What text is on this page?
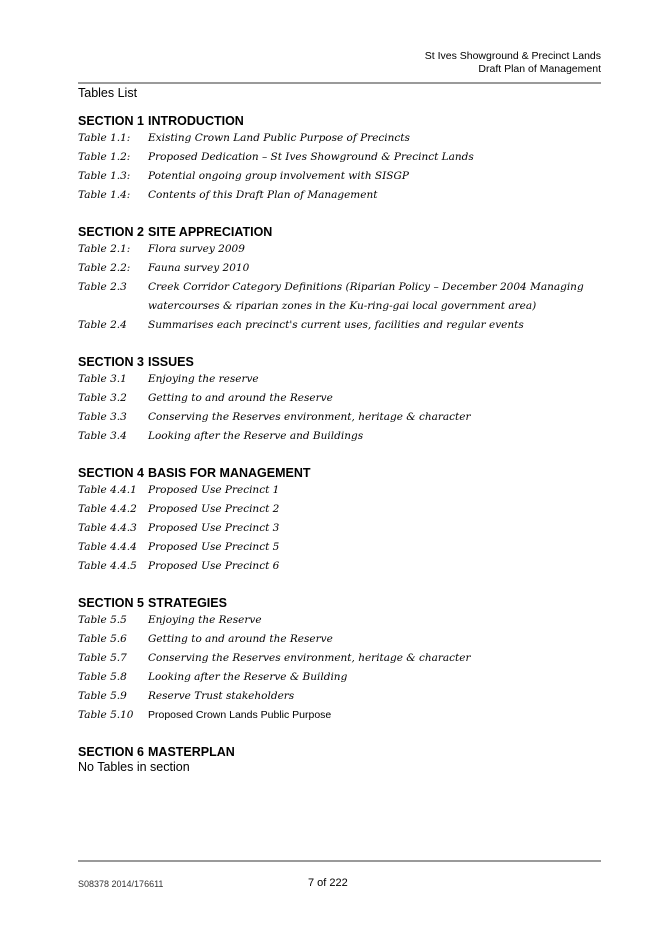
St Ives Showground & Precinct Lands
Draft Plan of Management
Tables List
SECTION 1 INTRODUCTION
Table 1.1:	Existing Crown Land Public Purpose of Precincts
Table 1.2:	Proposed Dedication – St Ives Showground & Precinct Lands
Table 1.3:	Potential ongoing group involvement with SISGP
Table 1.4:	Contents of this Draft Plan of Management
SECTION 2 SITE APPRECIATION
Table 2.1:	Flora survey 2009
Table 2.2:	Fauna survey 2010
Table 2.3	Creek Corridor Category Definitions (Riparian Policy – December 2004 Managing watercourses & riparian zones in the Ku-ring-gai local government area)
Table 2.4	Summarises each precinct's current uses, facilities and regular events
SECTION 3 ISSUES
Table 3.1	Enjoying the reserve
Table 3.2	Getting to and around the Reserve
Table 3.3	Conserving the Reserves environment, heritage & character
Table 3.4	Looking after the Reserve and Buildings
SECTION 4 BASIS FOR MANAGEMENT
Table 4.4.1	Proposed Use Precinct 1
Table 4.4.2	Proposed Use Precinct 2
Table 4.4.3	Proposed Use Precinct 3
Table 4.4.4	Proposed Use Precinct 5
Table 4.4.5	Proposed Use Precinct 6
SECTION 5 STRATEGIES
Table 5.5	Enjoying the Reserve
Table 5.6	Getting to and around the Reserve
Table 5.7	Conserving the Reserves environment, heritage & character
Table 5.8	Looking after the Reserve & Building
Table 5.9	Reserve Trust stakeholders
Table 5.10	Proposed Crown Lands Public Purpose
SECTION 6 MASTERPLAN
No Tables in section
S08378 2014/176611	7 of 222
